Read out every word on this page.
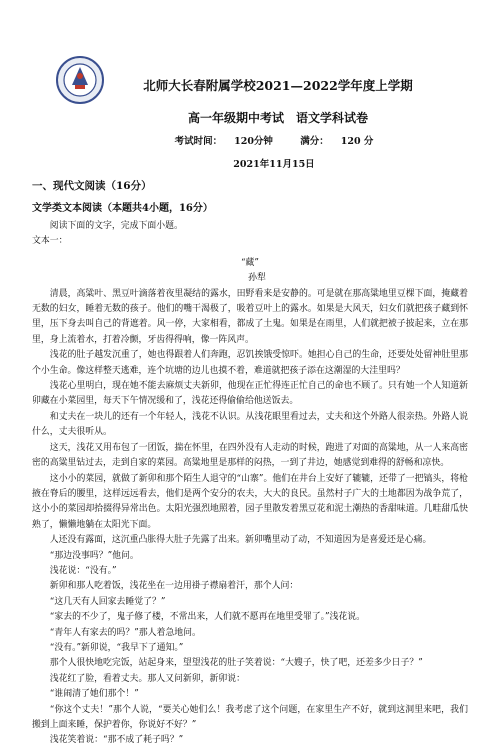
北师大长春附属学校2021—2022学年度上学期
高一年级期中考试　语文学科试卷
考试时间： 120分钟	满分： 120 分
2021年11月15日
一、现代文阅读（16分）
文学类文本阅读（本题共4小题，16分）

阅读下面的文字，完成下面小题。

文本一：

“藏”

孙犁

清晨，高粱叶、黑豆叶滴落着夜里凝结的露水，田野看来是安静的。可是就在那高粱地里豆棵下面，掩藏着无数的妇女，睡着无数的孩子。他们的嘴干渴极了，吸着豆叶上的露水。如果是大风天，妇女们就把孩子藏到怀里，压下身去叫自己的背遮着。风一停，大家相看，都成了土鬼。如果是在雨里，人们就把被子披起来，立在那里，身上流着水，打着冷颤，牙齿得得响，像一阵风声。

浅花的肚子越发沉重了，她也得跟着人们奔跑，忍饥挨饿受惊吓。她担心自己的生命，还要处处留神肚里那个小生命。像这样整天逃难，连个坑塘的边儿也摸不着，难道就把孩子添在这潮湿的大洼里吗？

浅花心里明白，现在她不能去麻烦丈夫新卯，他现在正忙得连正忙自己的命也不顾了。只有她一个人知道新卯藏在小菜园里，每天下午情况缓和了，浅花还得偷偷给他送饭去。

和丈夫在一块儿的还有一个年轻人，浅花不认识。从浅花眼里看过去，丈夫和这个外路人很亲热。外路人说什么，丈夫很听从。

这天，浅花又用布包了一团饭，揣在怀里，在四外没有人走动的时候，跑进了对面的高粱地，从一人来高密密的高粱里钻过去，走到自家的菜园。高粱地里是那样的闷热，一到了井边，她感觉到难得的舒畅和凉快。

这小小的菜园，就做了新卯和那个陌生人退守的“山寨”。他们在井台上安好了辘辘，还带了一把镐头，将枪掖在脊后的腰里，这样远远看去，他们是两个安分的农夫，大大的良民。虽然村子广大的土地都因为战争荒了，这小小的菜园却拾掇得异常出色。太阳光强烈地照着，园子里散发着黑豆花和泥土潮热的香甜味道。几畦甜瓜快熟了，懒懒地躺在太阳光下面。

人还没有露面，这沉重凸胀得大肚子先露了出来。新卯嘴里动了动，不知道因为是喜爱还是心痛。

“那边没事吗？”他问。

浅花说：“没有。”

新卯和那人吃着饭，浅花坐在一边用褂子襟扇着汗，那个人问：

“这几天有人回家去睡觉了？”

“家去的不少了，鬼子修了楼，不常出来，人们就不愿再在地里受罪了。”浅花说。

“青年人有家去的吗？”那人着急地问。

“没有。”新卯说，“我早下了通知。”

那个人很快地吃完饭，站起身来，望望浅花的肚子笑着说：“大嫂子，快了吧，还差多少日子？”

浅花红了脸，看着丈夫。那人又问新卯，新卯说：

“谁闹清了她们那个！”

“你这个丈夫！”那个人说，“要关心她们么！我考虑了这个问题，在家里生产不好，就到这洞里来吧，我们搬到上面来睡，保护着你，你说好不好？”

浅花笑着说：“那不成了耗子吗？”
